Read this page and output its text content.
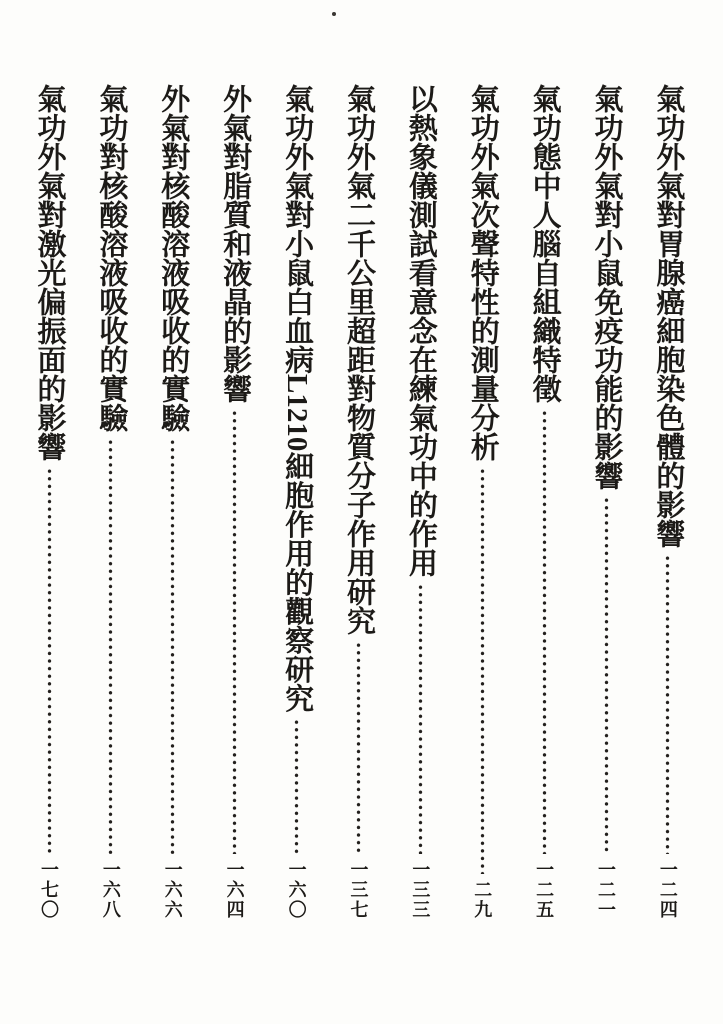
氣功外氣對胃腺癌細胞染色體的影響
一二四
氣功外氣對小鼠免疫功能的影響
一二一
氣功態中人腦自組織特徵
一二五
氣功外氣次聲特性的測量分析
二九
以熱象儀測試看意念在練氣功中的作用
一三三
氣功外氣二千公里超距對物質分子作用研究
一三七
氣功外氣對小鼠白血病L1210細胞作用的觀察研究
一六〇
外氣對脂質和液晶的影響
一六四
外氣對核酸溶液吸收的實驗
一六六
氣功對核酸溶液吸收的實驗
一六八
氣功外氣對激光偏振面的影響
一七〇
